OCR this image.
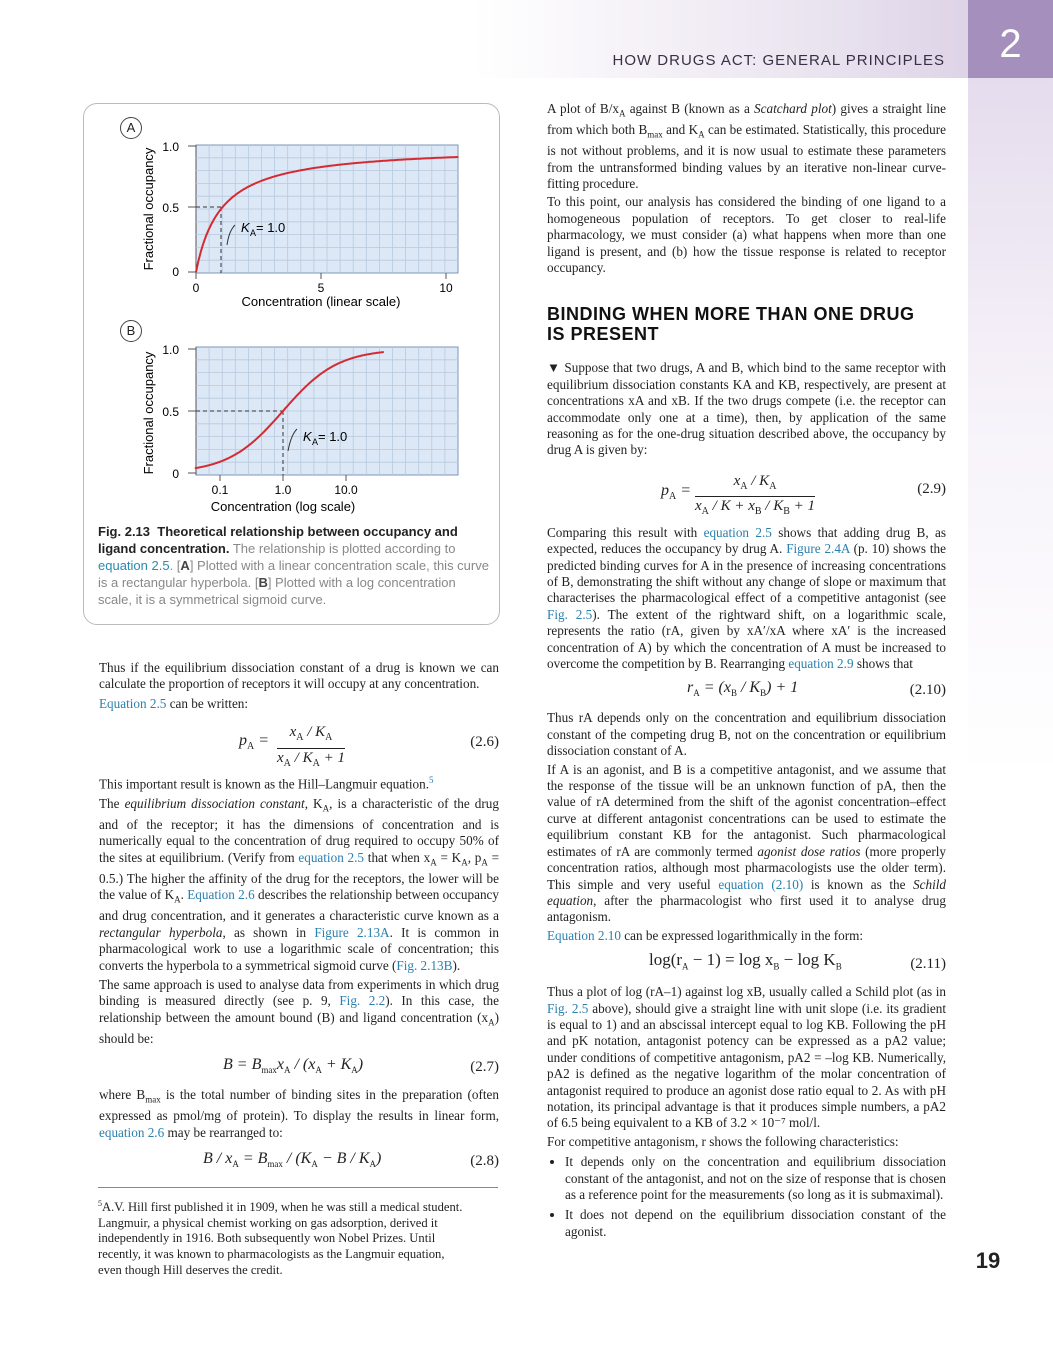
HOW DRUGS ACT: GENERAL PRINCIPLES	2
19
A
B
1.0
0.5
0
0	5	10
Concentration (linear scale)
Fractional occupancy	K A = 1.0
1.0
0.5
0
0.1	1.0	10.0
Concentration (log scale)
Fractional occupancy	K A = 1.0
Fig. 2.13 Theoretical relationship between occupancy and ligand concentration. The relationship is plotted according to equation 2.5. [A] Plotted with a linear concentration scale, this curve is a rectangular hyperbola. [B] Plotted with a log concentration scale, it is a symmetrical sigmoid curve.

Thus if the equilibrium dissociation constant of a drug is known we can calculate the proportion of receptors it will occupy at any concentration.

Equation 2.5 can be written:

$p_A = \frac{x_A / K_A}{x_A / K_A + 1}$	(2.6)

This important result is known as the Hill–Langmuir equation.$^5$

The equilibrium dissociation constant, $K_A$, is a characteristic of the drug and of the receptor; it has the dimensions of concentration and is numerically equal to the concentration of drug required to occupy 50% of the sites at equilibrium. (Verify from equation 2.5 that when $x_A = K_A$, $p_A = 0.5$.) The higher the affinity of the drug for the receptors, the lower will be the value of $K_A$. Equation 2.6 describes the relationship between occupancy and drug concentration, and it generates a characteristic curve known as a rectangular hyperbola, as shown in Figure 2.13A. It is common in pharmacological work to use a logarithmic scale of concentration; this converts the hyperbola to a symmetrical sigmoid curve (Fig. 2.13B).

The same approach is used to analyse data from experiments in which drug binding is measured directly (see p. 9, Fig. 2.2). In this case, the relationship between the amount bound (B) and ligand concentration $(x_A)$ should be:

$B = B_{max}x_A / (x_A + K_A)$	(2.7)

where $B_{max}$ is the total number of binding sites in the preparation (often expressed as pmol/mg of protein). To display the results in linear form, equation 2.6 may be rearranged to:

$B / x_A = B_{max} / (K_A - B / K_A)$	(2.8)
$^5$A.V. Hill first published it in 1909, when he was still a medical student. Langmuir, a physical chemist working on gas adsorption, derived it independently in 1916. Both subsequently won Nobel Prizes. Until recently, it was known to pharmacologists as the Langmuir equation, even though Hill deserves the credit.

A plot of $B/x_A$ against B (known as a Scatchard plot) gives a straight line from which both $B_{max}$ and $K_A$ can be estimated. Statistically, this procedure is not without problems, and it is now usual to estimate these parameters from the untransformed binding values by an iterative non-linear curve-fitting procedure.

To this point, our analysis has considered the binding of one ligand to a homogeneous population of receptors. To get closer to real-life pharmacology, we must consider (a) what happens when more than one ligand is present, and (b) how the tissue response is related to receptor occupancy.

BINDING WHEN MORE THAN ONE DRUG
IS PRESENT

▼ Suppose that two drugs, A and B, which bind to the same receptor with equilibrium dissociation constants KA and KB, respectively, are present at concentrations xA and xB. If the two drugs compete (i.e. the receptor can accommodate only one at a time), then, by application of the same reasoning as for the one-drug situation described above, the occupancy by drug A is given by:

$p_A = \frac{x_A / K_A}{x_A / K + x_B / K_B + 1}$	(2.9)

Comparing this result with equation 2.5 shows that adding drug B, as expected, reduces the occupancy by drug A. Figure 2.4A (p. 10) shows the predicted binding curves for A in the presence of increasing concentrations of B, demonstrating the shift without any change of slope or maximum that characterises the pharmacological effect of a competitive antagonist (see Fig. 2.5). The extent of the rightward shift, on a logarithmic scale, represents the ratio (rA, given by xA′/xA where xA′ is the increased concentration of A) by which the concentration of A must be increased to overcome the competition by B. Rearranging equation 2.9 shows that

$r_A = (x_B / K_B) + 1$	(2.10)

Thus rA depends only on the concentration and equilibrium dissociation constant of the competing drug B, not on the concentration or equilibrium dissociation constant of A.

If A is an agonist, and B is a competitive antagonist, and we assume that the response of the tissue will be an unknown function of pA, then the value of rA determined from the shift of the agonist concentration–effect curve at different antagonist concentrations can be used to estimate the equilibrium constant KB for the antagonist. Such pharmacological estimates of rA are commonly termed agonist dose ratios (more properly concentration ratios, although most pharmacologists use the older term). This simple and very useful equation (2.10) is known as the Schild equation, after the pharmacologist who first used it to analyse drug antagonism.

Equation 2.10 can be expressed logarithmically in the form:

$\log(r_A - 1) = \log x_B - \log K_B$	(2.11)

Thus a plot of log (rA–1) against log xB, usually called a Schild plot (as in Fig. 2.5 above), should give a straight line with unit slope (i.e. its gradient is equal to 1) and an abscissal intercept equal to log KB. Following the pH and pK notation, antagonist potency can be expressed as a pA2 value; under conditions of competitive antagonism, pA2 = –log KB. Numerically, pA2 is defined as the negative logarithm of the molar concentration of antagonist required to produce an agonist dose ratio equal to 2. As with pH notation, its principal advantage is that it produces simple numbers, a pA2 of 6.5 being equivalent to a KB of 3.2 × 10⁻⁷ mol/l.

For competitive antagonism, r shows the following characteristics:

• It depends only on the concentration and equilibrium dissociation constant of the antagonist, and not on the size of response that is chosen as a reference point for the measurements (so long as it is submaximal).
• It does not depend on the equilibrium dissociation constant of the agonist.
